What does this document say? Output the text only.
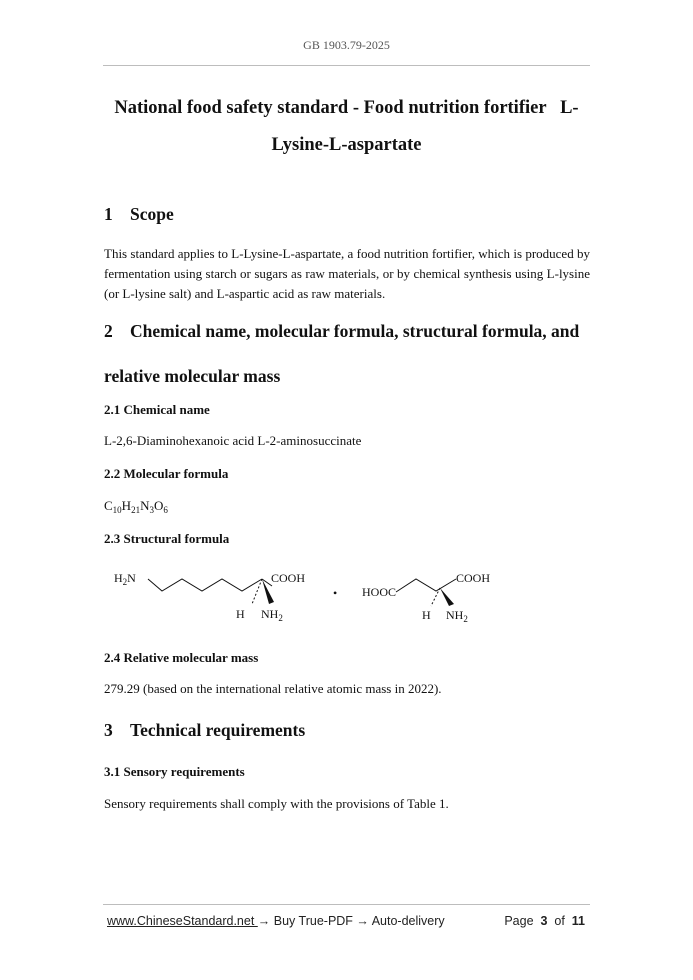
GB 1903.79-2025
National food safety standard - Food nutrition fortifier   L-
Lysine-L-aspartate
1 Scope
This standard applies to L-Lysine-L-aspartate, a food nutrition fortifier, which is produced by fermentation using starch or sugars as raw materials, or by chemical synthesis using L-lysine (or L-lysine salt) and L-aspartic acid as raw materials.
2 Chemical name, molecular formula, structural formula, and
relative molecular mass
2.1 Chemical name
L-2,6-Diaminohexanoic acid L-2-aminosuccinate
2.2 Molecular formula
$C_{10}H_{21}N_3O_6$
2.3 Structural formula
$H_2N$	COOH
H $NH_2$
• HOOC
COOH
H $NH_2$
2.4 Relative molecular mass
279.29 (based on the international relative atomic mass in 2022).
3 Technical requirements
3.1 Sensory requirements
Sensory requirements shall comply with the provisions of Table 1.
www.ChineseStandard.net → Buy True-PDF → Auto-delivery	Page 3 of 11
